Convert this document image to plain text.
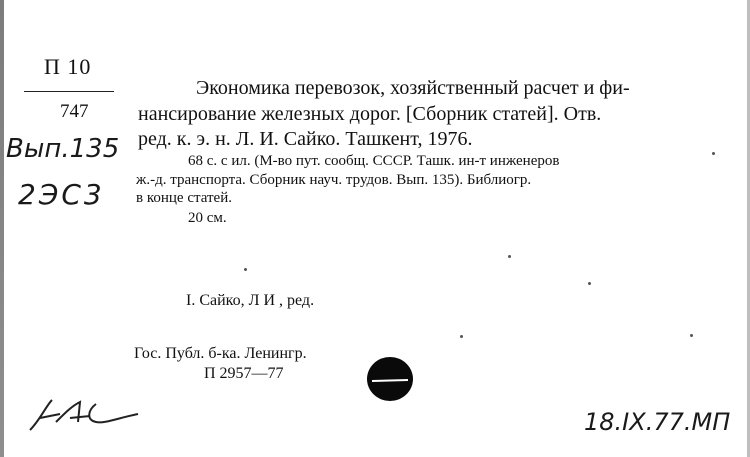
П 10
747
Экономика перевозок, хозяйственный расчет и фи-
нансирование железных дорог. [Сборник статей]. Отв.
ред. к. э. н. Л. И. Сайко. Ташкент, 1976.
68 с. с ил. (М-во пут. сообщ. СССР. Ташк. ин-т инженеров
ж.-д. транспорта. Сборник науч. трудов. Вып. 135). Библиогр.
в конце статей.
20 см.
I. Сайко, Л И , ред.
Гос. Публ. б-ка. Ленингр.
П 2957—77
Вып.135
2ЭС3
18.IX.77.МП
